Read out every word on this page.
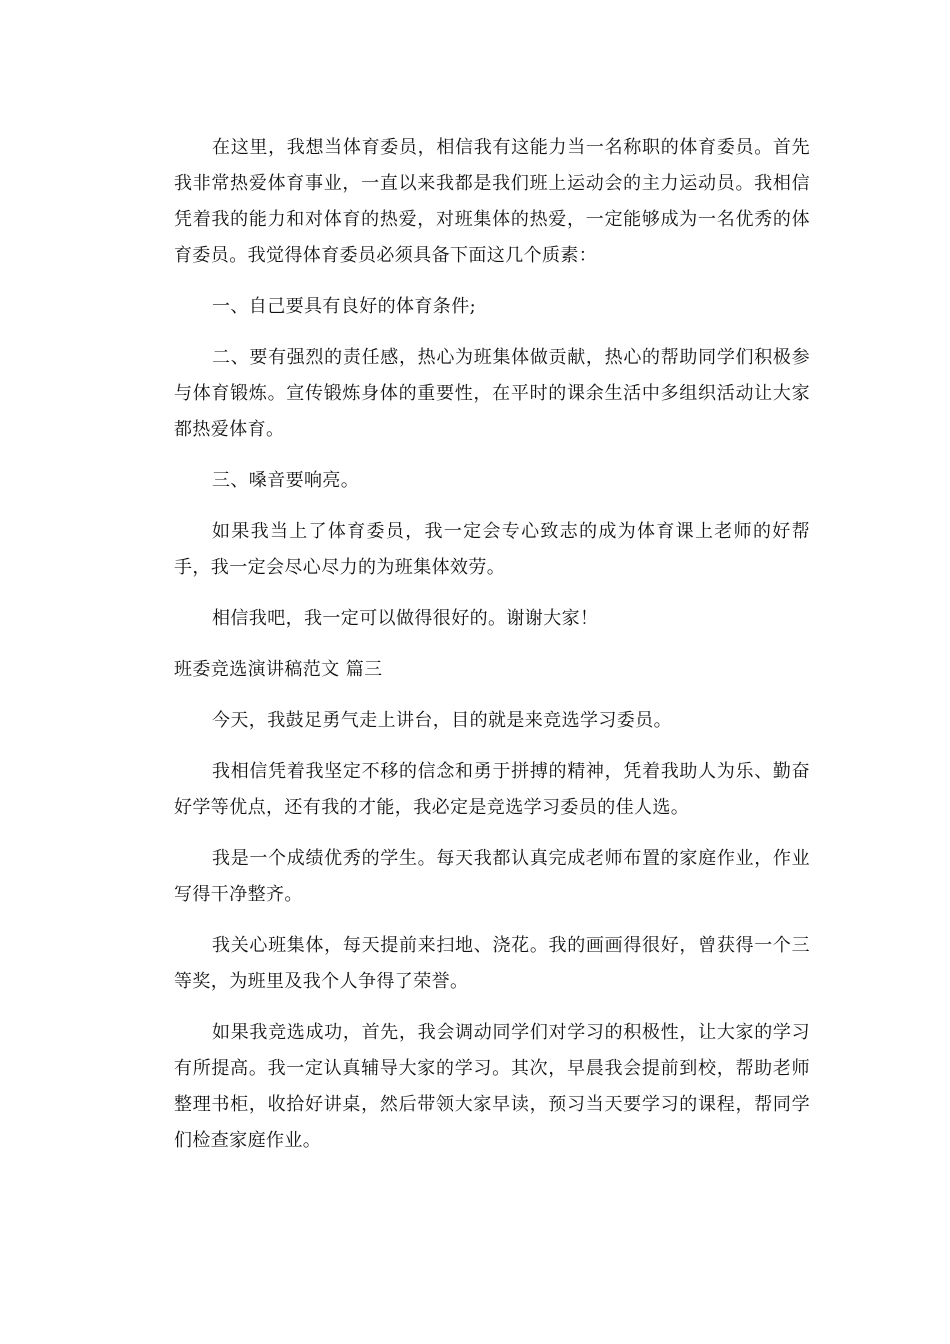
在这里，我想当体育委员，相信我有这能力当一名称职的体育委员。首先我非常热爱体育事业，一直以来我都是我们班上运动会的主力运动员。我相信凭着我的能力和对体育的热爱，对班集体的热爱，一定能够成为一名优秀的体育委员。我觉得体育委员必须具备下面这几个质素：

一、自己要具有良好的体育条件;

二、要有强烈的责任感，热心为班集体做贡献，热心的帮助同学们积极参与体育锻炼。宣传锻炼身体的重要性，在平时的课余生活中多组织活动让大家都热爱体育。

三、嗓音要响亮。

如果我当上了体育委员，我一定会专心致志的成为体育课上老师的好帮手，我一定会尽心尽力的为班集体效劳。

相信我吧，我一定可以做得很好的。谢谢大家！

班委竞选演讲稿范文 篇三

今天，我鼓足勇气走上讲台，目的就是来竞选学习委员。

我相信凭着我坚定不移的信念和勇于拼搏的精神，凭着我助人为乐、勤奋好学等优点，还有我的才能，我必定是竞选学习委员的佳人选。

我是一个成绩优秀的学生。每天我都认真完成老师布置的家庭作业，作业写得干净整齐。

我关心班集体，每天提前来扫地、浇花。我的画画得很好，曾获得一个三等奖，为班里及我个人争得了荣誉。

如果我竞选成功，首先，我会调动同学们对学习的积极性，让大家的学习有所提高。我一定认真辅导大家的学习。其次，早晨我会提前到校，帮助老师整理书柜，收拾好讲桌，然后带领大家早读，预习当天要学习的课程，帮同学们检查家庭作业。
